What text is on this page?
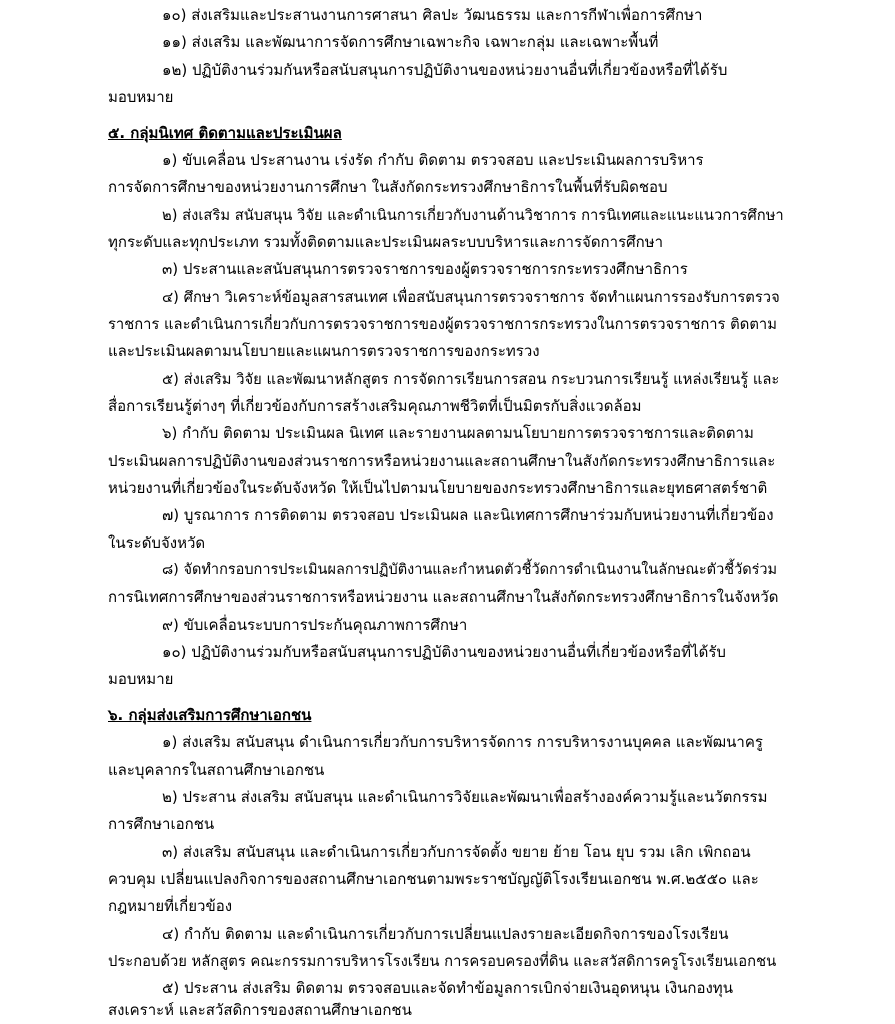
๑๐) ส่งเสริมและประสานงานการศาสนา ศิลปะ วัฒนธรรม และการกีฬาเพื่อการศึกษา
๑๑) ส่งเสริม และพัฒนาการจัดการศึกษาเฉพาะกิจ เฉพาะกลุ่ม และเฉพาะพื้นที่
๑๒) ปฏิบัติงานร่วมกันหรือสนับสนุนการปฏิบัติงานของหน่วยงานอื่นที่เกี่ยวข้องหรือที่ได้รับ
มอบหมาย
๕. กลุ่มนิเทศ ติดตามและประเมินผล
๑) ขับเคลื่อน ประสานงาน เร่งรัด กำกับ ติดตาม ตรวจสอบ และประเมินผลการบริหาร
การจัดการศึกษาของหน่วยงานการศึกษา ในสังกัดกระทรวงศึกษาธิการในพื้นที่รับผิดชอบ
๒) ส่งเสริม สนับสนุน วิจัย และดำเนินการเกี่ยวกับงานด้านวิชาการ การนิเทศและแนะแนวการศึกษา
ทุกระดับและทุกประเภท รวมทั้งติดตามและประเมินผลระบบบริหารและการจัดการศึกษา
๓) ประสานและสนับสนุนการตรวจราชการของผู้ตรวจราชการกระทรวงศึกษาธิการ
๔) ศึกษา วิเคราะห์ข้อมูลสารสนเทศ เพื่อสนับสนุนการตรวจราชการ จัดทำแผนการรองรับการตรวจ
ราชการ และดำเนินการเกี่ยวกับการตรวจราชการของผู้ตรวจราชการกระทรวงในการตรวจราชการ ติดตาม
และประเมินผลตามนโยบายและแผนการตรวจราชการของกระทรวง
๕) ส่งเสริม วิจัย และพัฒนาหลักสูตร การจัดการเรียนการสอน กระบวนการเรียนรู้ แหล่งเรียนรู้ และ
สื่อการเรียนรู้ต่างๆ ที่เกี่ยวข้องกับการสร้างเสริมคุณภาพชีวิตที่เป็นมิตรกับสิ่งแวดล้อม
๖) กำกับ ติดตาม ประเมินผล นิเทศ และรายงานผลตามนโยบายการตรวจราชการและติดตาม
ประเมินผลการปฏิบัติงานของส่วนราชการหรือหน่วยงานและสถานศึกษาในสังกัดกระทรวงศึกษาธิการและ
หน่วยงานที่เกี่ยวข้องในระดับจังหวัด ให้เป็นไปตามนโยบายของกระทรวงศึกษาธิการและยุทธศาสตร์ชาติ
๗) บูรณาการ การติดตาม ตรวจสอบ ประเมินผล และนิเทศการศึกษาร่วมกับหน่วยงานที่เกี่ยวข้อง
ในระดับจังหวัด
๘) จัดทำกรอบการประเมินผลการปฏิบัติงานและกำหนดตัวชี้วัดการดำเนินงานในลักษณะตัวชี้วัดร่วม
การนิเทศการศึกษาของส่วนราชการหรือหน่วยงาน และสถานศึกษาในสังกัดกระทรวงศึกษาธิการในจังหวัด
๙) ขับเคลื่อนระบบการประกันคุณภาพการศึกษา
๑๐) ปฏิบัติงานร่วมกับหรือสนับสนุนการปฏิบัติงานของหน่วยงานอื่นที่เกี่ยวข้องหรือที่ได้รับ
มอบหมาย
๖. กลุ่มส่งเสริมการศึกษาเอกชน
๑) ส่งเสริม สนับสนุน ดำเนินการเกี่ยวกับการบริหารจัดการ การบริหารงานบุคคล และพัฒนาครู
และบุคลากรในสถานศึกษาเอกชน
๒) ประสาน ส่งเสริม สนับสนุน และดำเนินการวิจัยและพัฒนาเพื่อสร้างองค์ความรู้และนวัตกรรม
การศึกษาเอกชน
๓) ส่งเสริม สนับสนุน และดำเนินการเกี่ยวกับการจัดตั้ง ขยาย ย้าย โอน ยุบ รวม เลิก เพิกถอน
ควบคุม เปลี่ยนแปลงกิจการของสถานศึกษาเอกชนตามพระราชบัญญัติโรงเรียนเอกชน พ.ศ.๒๕๕๐ และ
กฎหมายที่เกี่ยวข้อง
๔) กำกับ ติดตาม และดำเนินการเกี่ยวกับการเปลี่ยนแปลงรายละเอียดกิจการของโรงเรียน
ประกอบด้วย หลักสูตร คณะกรรมการบริหารโรงเรียน การครอบครองที่ดิน และสวัสดิการครูโรงเรียนเอกชน
๕) ประสาน ส่งเสริม ติดตาม ตรวจสอบและจัดทำข้อมูลการเบิกจ่ายเงินอุดหนุน เงินกองทุน
สงเคราะห์ และสวัสดิการของสถานศึกษาเอกชน
